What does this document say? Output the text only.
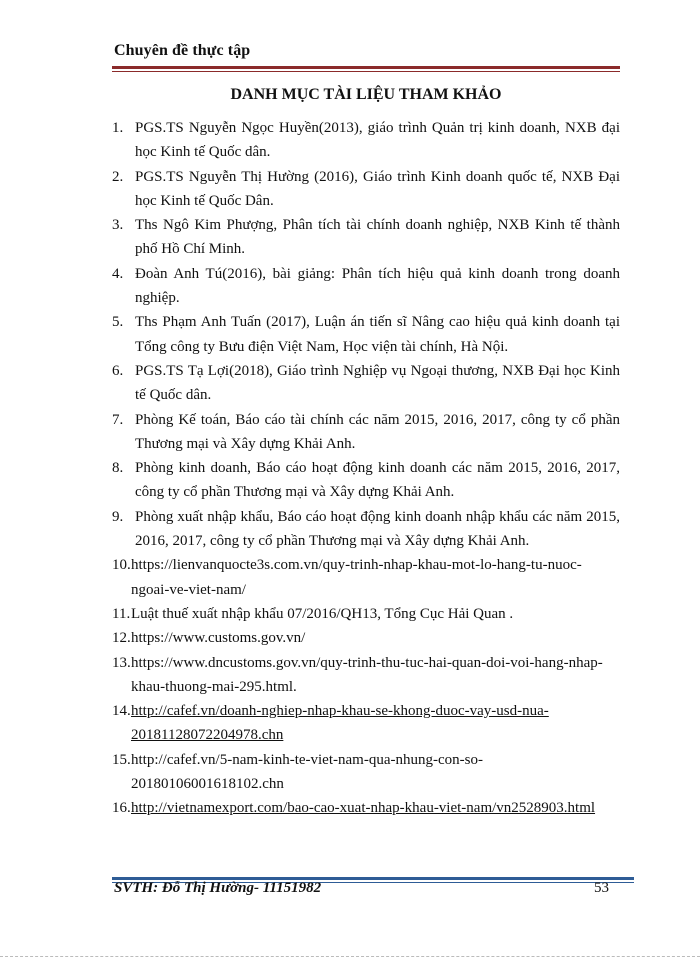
Chuyên đề thực tập
DANH MỤC TÀI LIỆU THAM KHẢO
1. PGS.TS Nguyễn Ngọc Huyền(2013), giáo trình Quản trị kinh doanh, NXB đại học Kinh tế Quốc dân.
2. PGS.TS Nguyễn Thị Hường (2016), Giáo trình Kinh doanh quốc tế, NXB Đại học Kinh tế Quốc Dân.
3. Ths Ngô Kim Phượng, Phân tích tài chính doanh nghiệp, NXB Kinh tế thành phố Hồ Chí Minh.
4. Đoàn Anh Tú(2016), bài giảng: Phân tích hiệu quả kinh doanh trong doanh nghiệp.
5. Ths Phạm Anh Tuấn (2017), Luận án tiến sĩ Nâng cao hiệu quả kinh doanh tại Tổng công ty Bưu điện Việt Nam, Học viện tài chính, Hà Nội.
6. PGS.TS Tạ Lợi(2018), Giáo trình Nghiệp vụ Ngoại thương, NXB Đại học Kinh tế Quốc dân.
7. Phòng Kế toán, Báo cáo tài chính các năm 2015, 2016, 2017, công ty cổ phần Thương mại và Xây dựng Khải Anh.
8. Phòng kinh doanh, Báo cáo hoạt động kinh doanh các năm 2015, 2016, 2017, công ty cổ phần Thương mại và Xây dựng Khải Anh.
9. Phòng xuất nhập khẩu, Báo cáo hoạt động kinh doanh nhập khẩu các năm 2015, 2016, 2017, công ty cổ phần Thương mại và Xây dựng Khải Anh.
10. https://lienvanquocte3s.com.vn/quy-trinh-nhap-khau-mot-lo-hang-tu-nuoc-ngoai-ve-viet-nam/
11. Luật thuế xuất nhập khẩu 07/2016/QH13, Tổng Cục Hải Quan .
12. https://www.customs.gov.vn/
13. https://www.dncustoms.gov.vn/quy-trinh-thu-tuc-hai-quan-doi-voi-hang-nhap-khau-thuong-mai-295.html.
14. http://cafef.vn/doanh-nghiep-nhap-khau-se-khong-duoc-vay-usd-nua-20181128072204978.chn
15. http://cafef.vn/5-nam-kinh-te-viet-nam-qua-nhung-con-so-20180106001618102.chn
16. http://vietnamexport.com/bao-cao-xuat-nhap-khau-viet-nam/vn2528903.html
SVTH: Đỗ Thị Hường- 11151982	53
